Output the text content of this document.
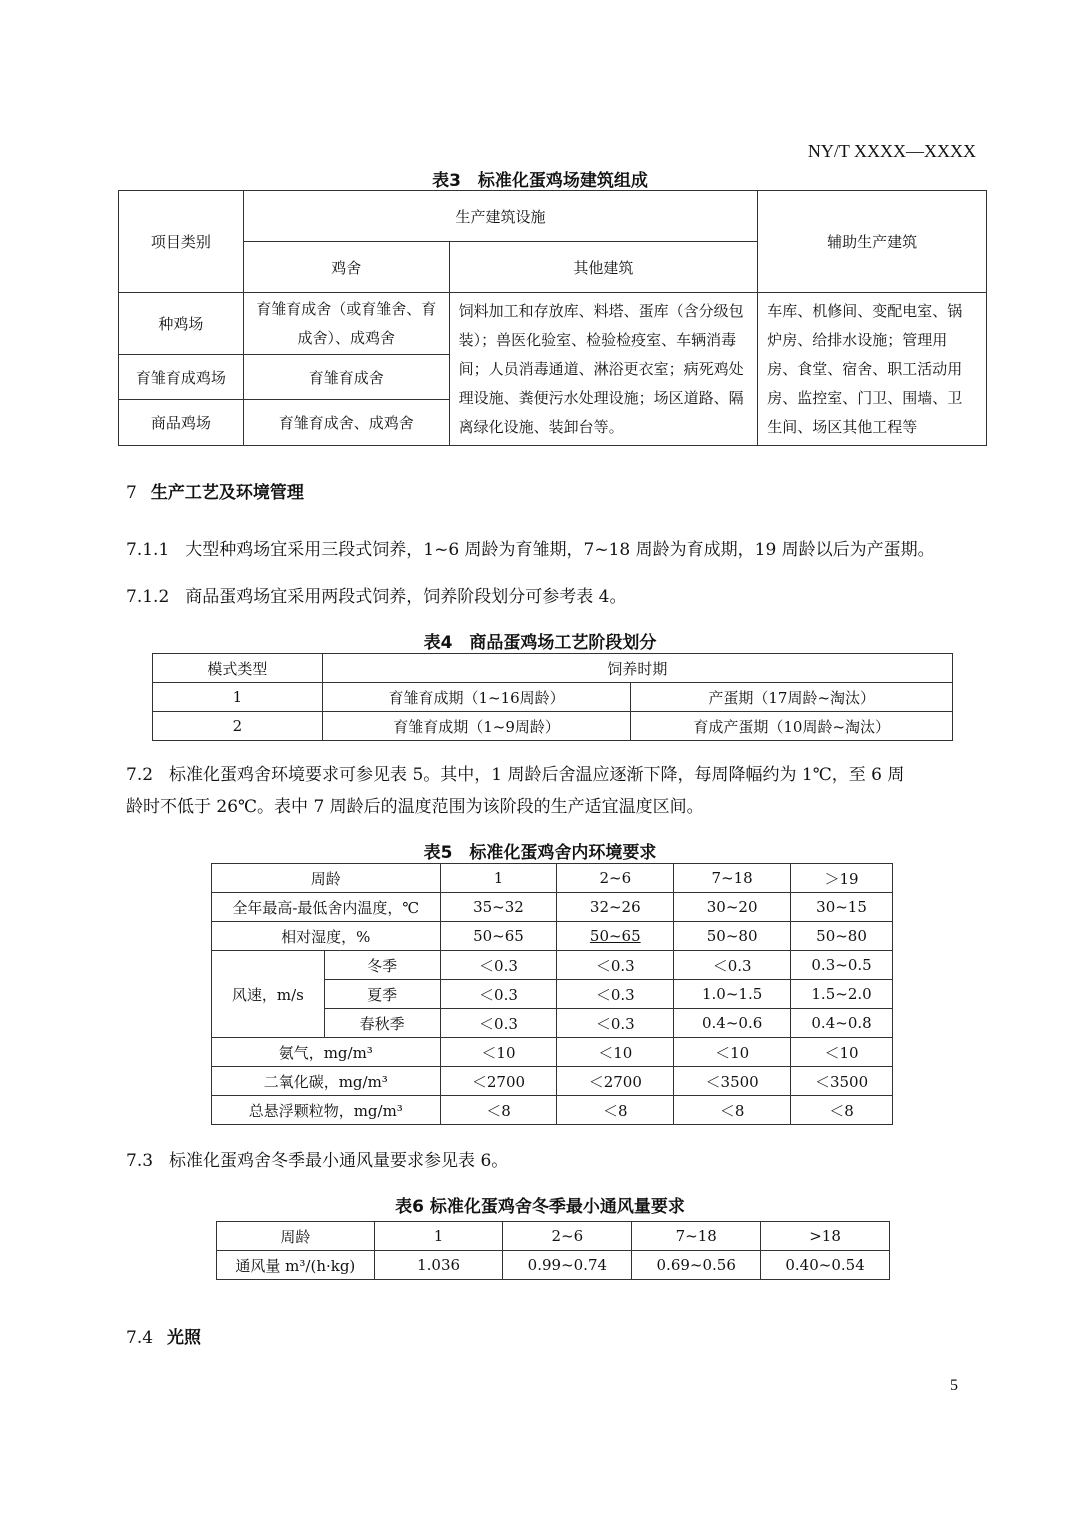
NY/T XXXX—XXXX
表3　标准化蛋鸡场建筑组成
项目类别	生产建筑设施		辅助生产建筑
	鸡舍	其他建筑	
种鸡场	育雏育成舍（或育雏舍、育成舍）、成鸡舍	饲料加工和存放库、料塔、蛋库（含分级包装）；兽医化验室、检验检疫室、车辆消毒间；人员消毒通道、淋浴更衣室；病死鸡处理设施、粪便污水处理设施；场区道路、隔离绿化设施、装卸台等。	车库、机修间、变配电室、锅炉房、给排水设施；管理用房、食堂、宿舍、职工活动用房、监控室、门卫、围墙、卫生间、场区其他工程等
育雏育成鸡场	育雏育成舍		
商品鸡场	育雏育成舍、成鸡舍		
7 生产工艺及环境管理
7.1.1 大型种鸡场宜采用三段式饲养，1~6 周龄为育雏期，7~18 周龄为育成期，19 周龄以后为产蛋期。
7.1.2 商品蛋鸡场宜采用两段式饲养，饲养阶段划分可参考表 4。
表4　商品蛋鸡场工艺阶段划分
模式类型	饲养时期	
1	育雏育成期（1~16周龄）	产蛋期（17周龄~淘汰）
2	育雏育成期（1~9周龄）	育成产蛋期（10周龄~淘汰）
7.2 标准化蛋鸡舍环境要求可参见表 5。其中，1 周龄后舍温应逐渐下降，每周降幅约为 1℃，至 6 周
龄时不低于 26℃。表中 7 周龄后的温度范围为该阶段的生产适宜温度区间。
表5　标准化蛋鸡舍内环境要求
周龄		1	2~6	7~18	＞19
全年最高-最低舍内温度，℃		35~32	32~26	30~20	30~15
相对湿度，%		50~65	50~65	50~80	50~80
风速，m/s	冬季	＜0.3	＜0.3	＜0.3	0.3~0.5
	夏季	＜0.3	＜0.3	1.0~1.5	1.5~2.0
	春秋季	＜0.3	＜0.3	0.4~0.6	0.4~0.8
氨气，mg/m³		＜10	＜10	＜10	＜10
二氧化碳，mg/m³		＜2700	＜2700	＜3500	＜3500
总悬浮颗粒物，mg/m³		＜8	＜8	＜8	＜8
7.3 标准化蛋鸡舍冬季最小通风量要求参见表 6。
表6 标准化蛋鸡舍冬季最小通风量要求
周龄	1	2~6	7~18	>18
通风量 m³/(h·kg)	1.036	0.99~0.74	0.69~0.56	0.40~0.54
7.4 光照
5
